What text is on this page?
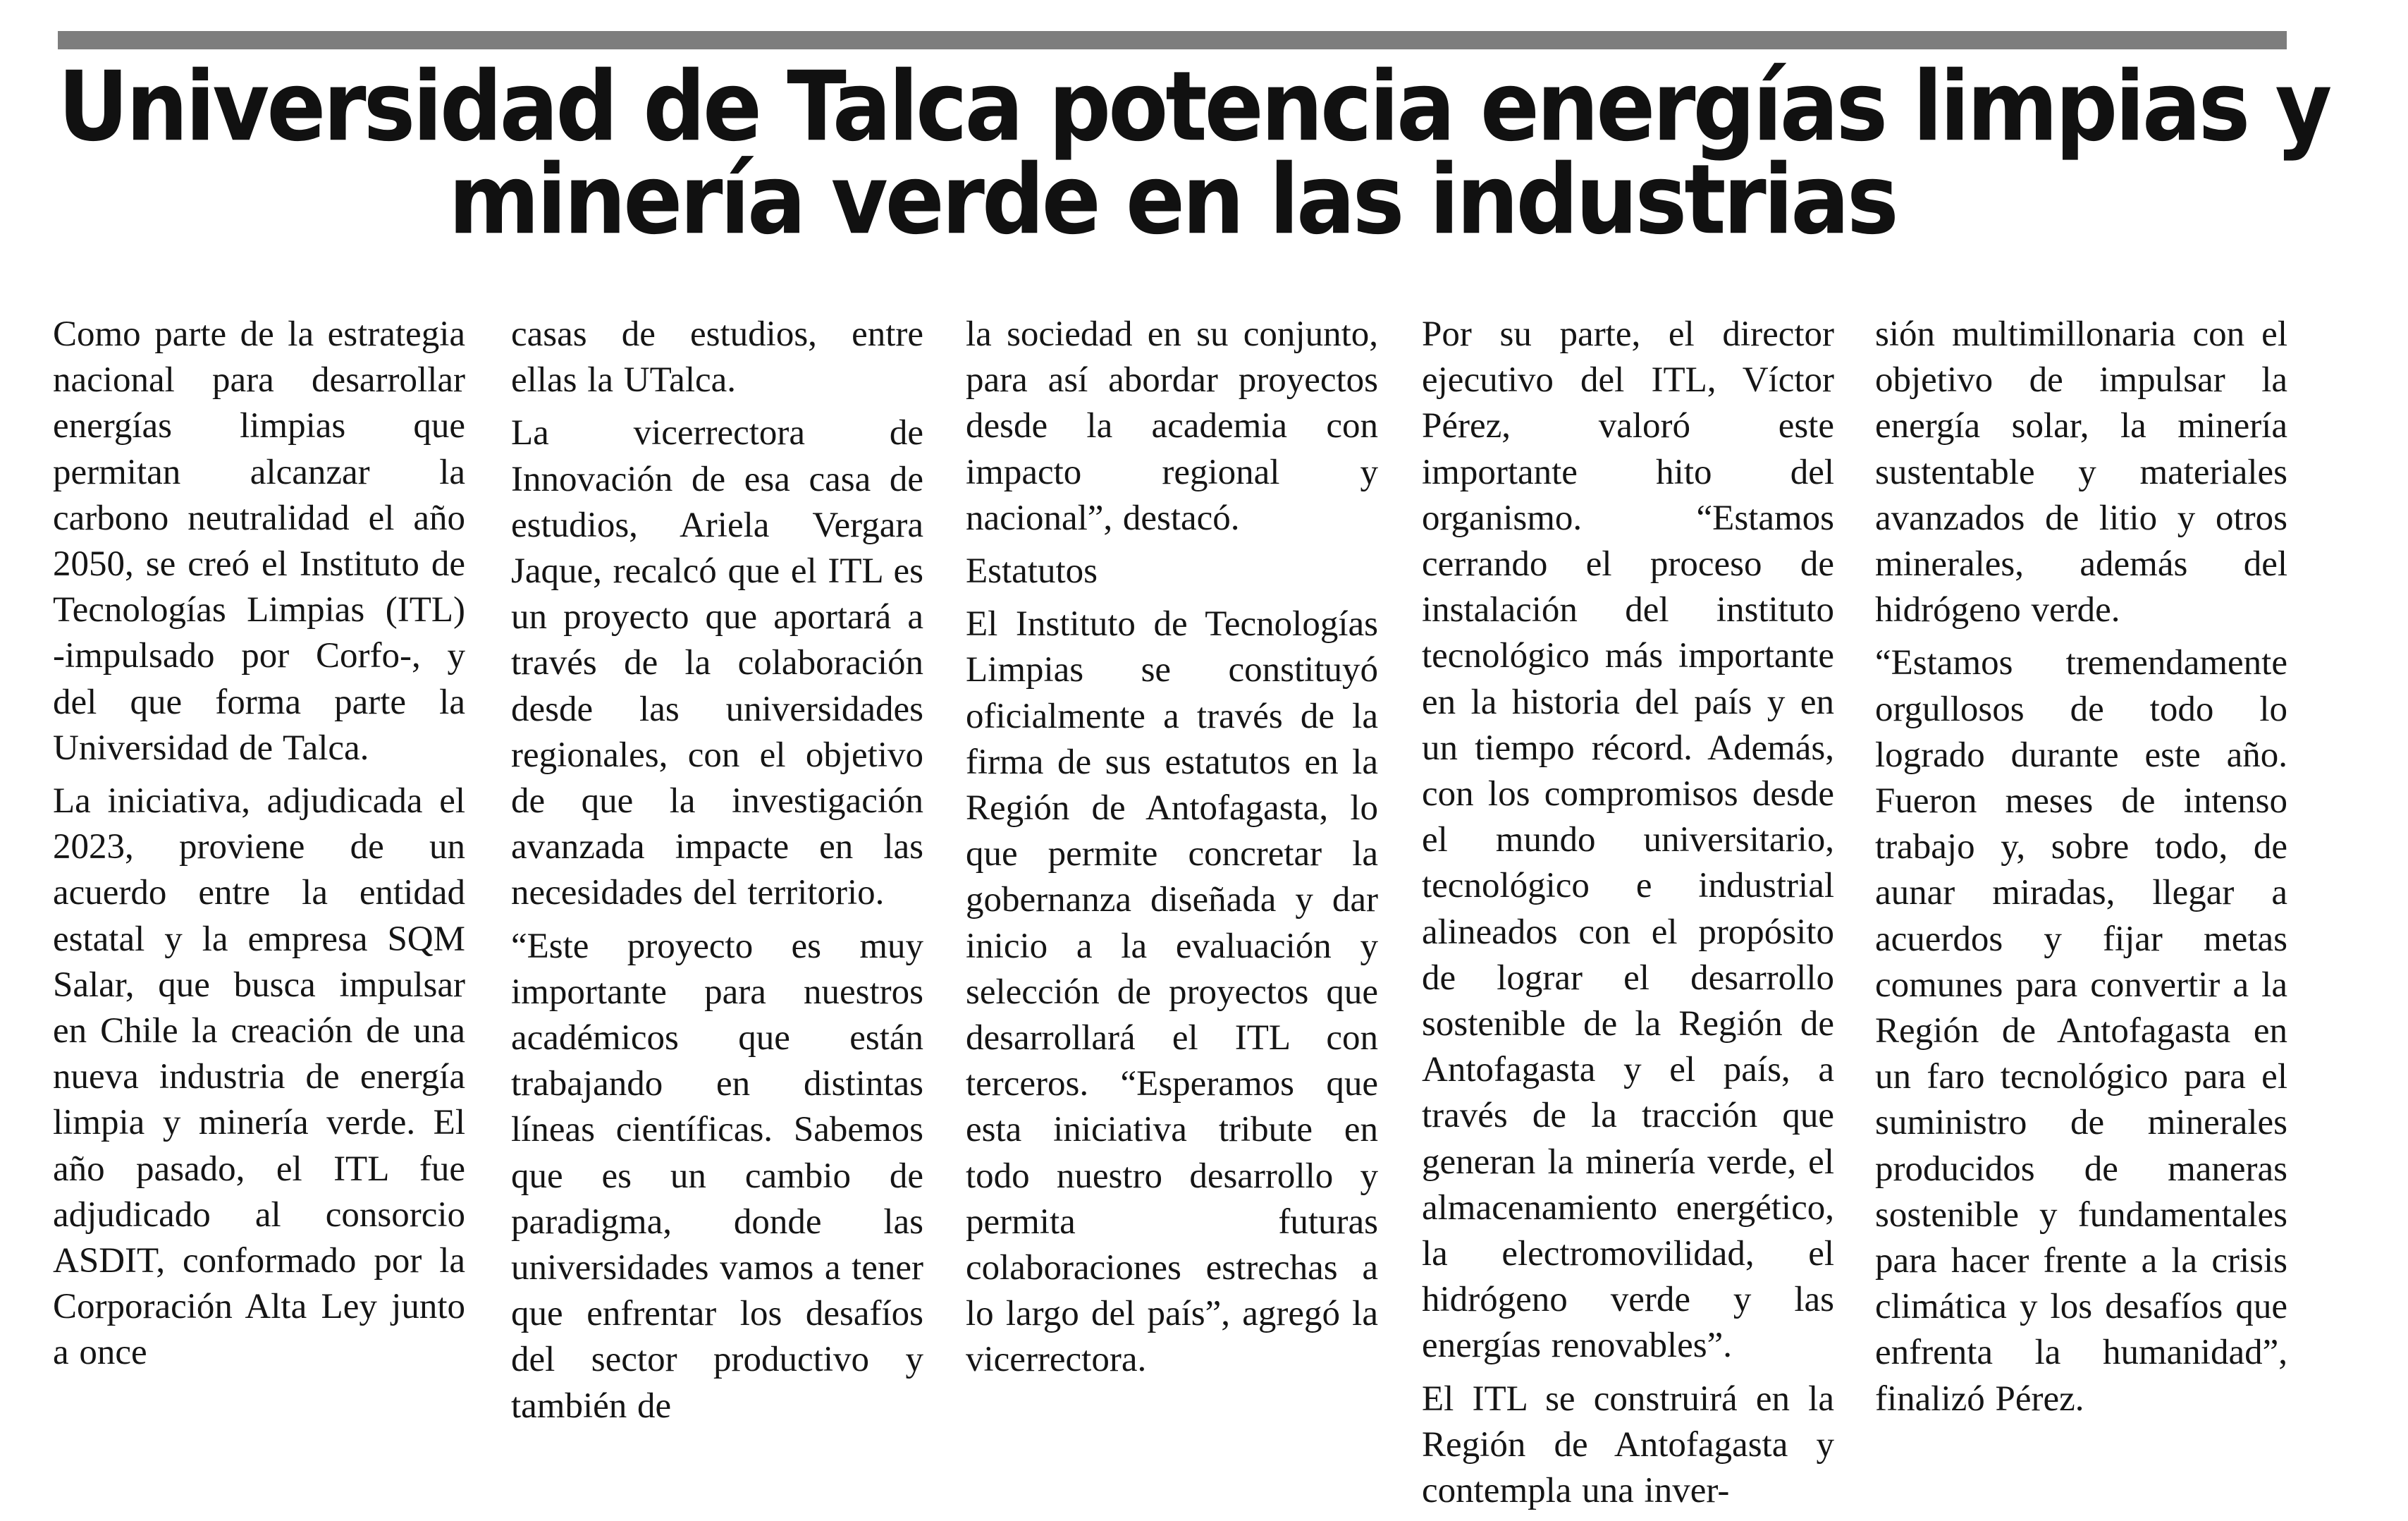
Universidad de Talca potencia energías limpias y
minería verde en las industrias

Como parte de la estrategia nacional para desarrollar energías limpias que permitan alcanzar la carbono neutralidad el año 2050, se creó el Instituto de Tecnologías Limpias (ITL) -impulsado por Corfo-, y del que forma parte la Universidad de Talca.

La iniciativa, adjudicada el 2023, proviene de un acuerdo entre la entidad estatal y la empresa SQM Salar, que busca impulsar en Chile la creación de una nueva industria de energía limpia y minería verde. El año pasado, el ITL fue adjudicado al consorcio ASDIT, conformado por la Corporación Alta Ley junto a once

casas de estudios, entre ellas la UTalca.

La vicerrectora de Innovación de esa casa de estudios, Ariela Vergara Jaque, recalcó que el ITL es un proyecto que aportará a través de la colaboración desde las universidades regionales, con el objetivo de que la investigación avanzada impacte en las necesidades del territorio.

“Este proyecto es muy importante para nuestros académicos que están trabajando en distintas líneas científicas. Sabemos que es un cambio de paradigma, donde las universidades vamos a tener que enfrentar los desafíos del sector productivo y también de

la sociedad en su conjunto, para así abordar proyectos desde la academia con impacto regional y nacional”, destacó.

Estatutos

El Instituto de Tecnologías Limpias se constituyó oficialmente a través de la firma de sus estatutos en la Región de Antofagasta, lo que permite concretar la gobernanza diseñada y dar inicio a la evaluación y selección de proyectos que desarrollará el ITL con terceros. “Esperamos que esta iniciativa tribute en todo nuestro desarrollo y permita futuras colaboraciones estrechas a lo largo del país”, agregó la vicerrectora.

Por su parte, el director ejecutivo del ITL, Víctor Pérez, valoró este importante hito del organismo. “Estamos cerrando el proceso de instalación del instituto tecnológico más importante en la historia del país y en un tiempo récord. Además, con los compromisos desde el mundo universitario, tecnológico e industrial alineados con el propósito de lograr el desarrollo sostenible de la Región de Antofagasta y el país, a través de la tracción que generan la minería verde, el almacenamiento energético, la electromovilidad, el hidrógeno verde y las energías renovables”.

El ITL se construirá en la Región de Antofagasta y contempla una inver-

sión multimillonaria con el objetivo de impulsar la energía solar, la minería sustentable y materiales avanzados de litio y otros minerales, además del hidrógeno verde.

“Estamos tremendamente orgullosos de todo lo logrado durante este año. Fueron meses de intenso trabajo y, sobre todo, de aunar miradas, llegar a acuerdos y fijar metas comunes para convertir a la Región de Antofagasta en un faro tecnológico para el suministro de minerales producidos de maneras sostenible y fundamentales para hacer frente a la crisis climática y los desafíos que enfrenta la humanidad”, finalizó Pérez.
